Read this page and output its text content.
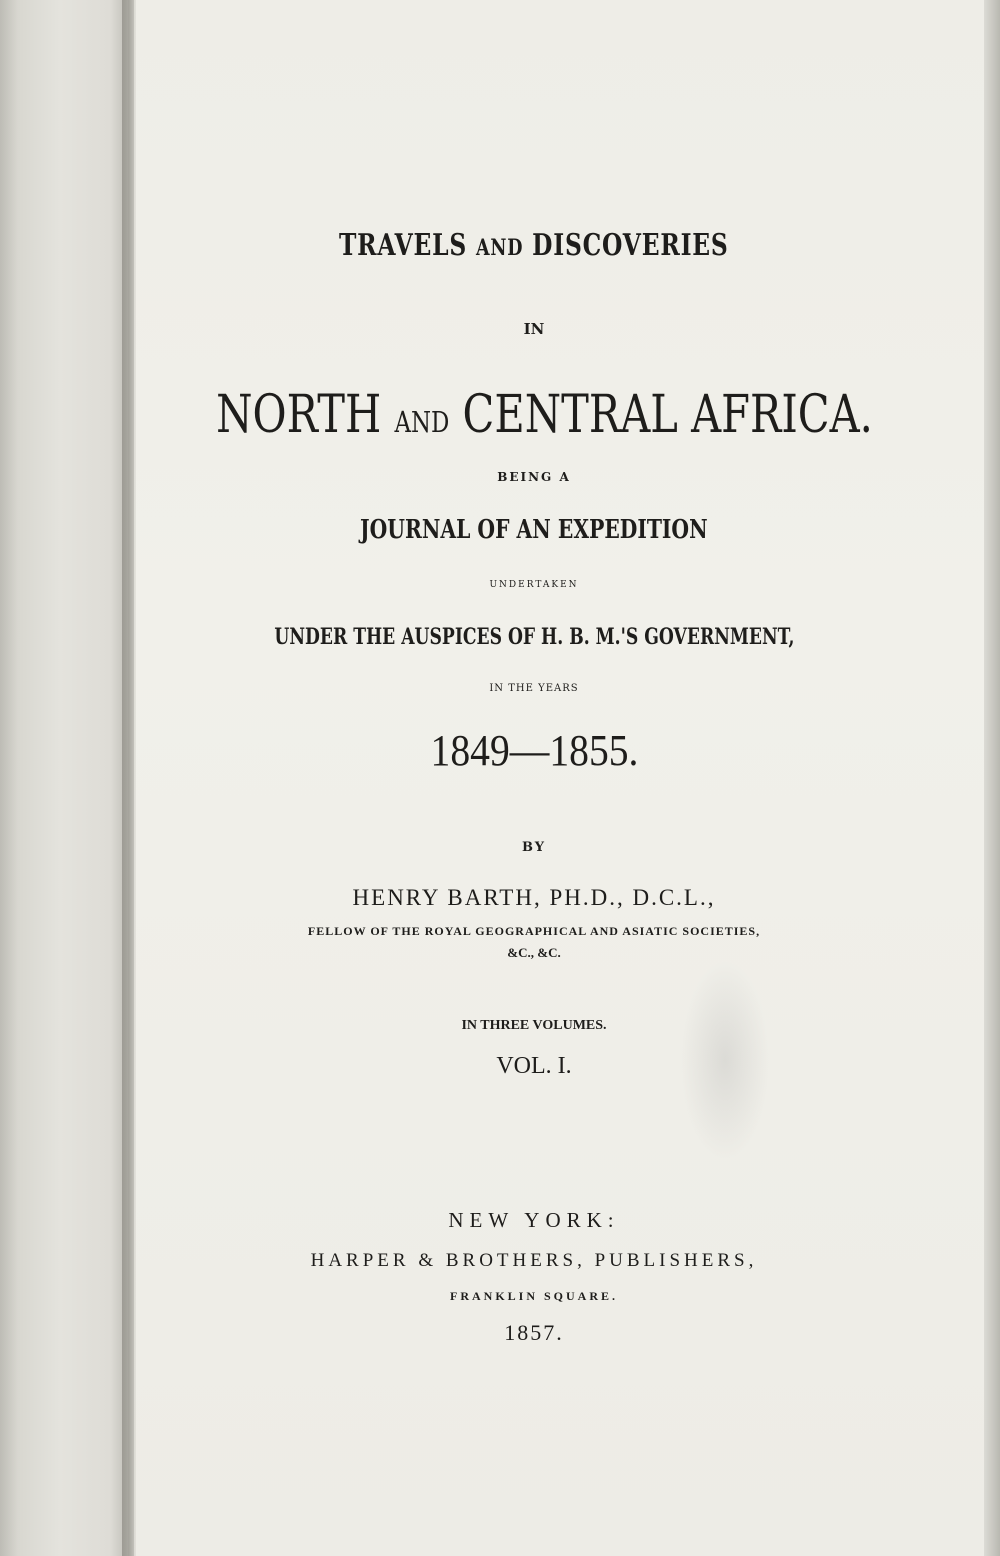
TRAVELS AND DISCOVERIES
IN
NORTH AND CENTRAL AFRICA.
BEING A
JOURNAL OF AN EXPEDITION
UNDERTAKEN
UNDER THE AUSPICES OF H. B. M.'S GOVERNMENT,
IN THE YEARS
1849—1855.
BY
HENRY BARTH, PH.D., D.C.L.,
FELLOW OF THE ROYAL GEOGRAPHICAL AND ASIATIC SOCIETIES,
&C., &C.
IN THREE VOLUMES.
VOL. I.
NEW YORK:
HARPER & BROTHERS, PUBLISHERS,
FRANKLIN SQUARE.
1857.
